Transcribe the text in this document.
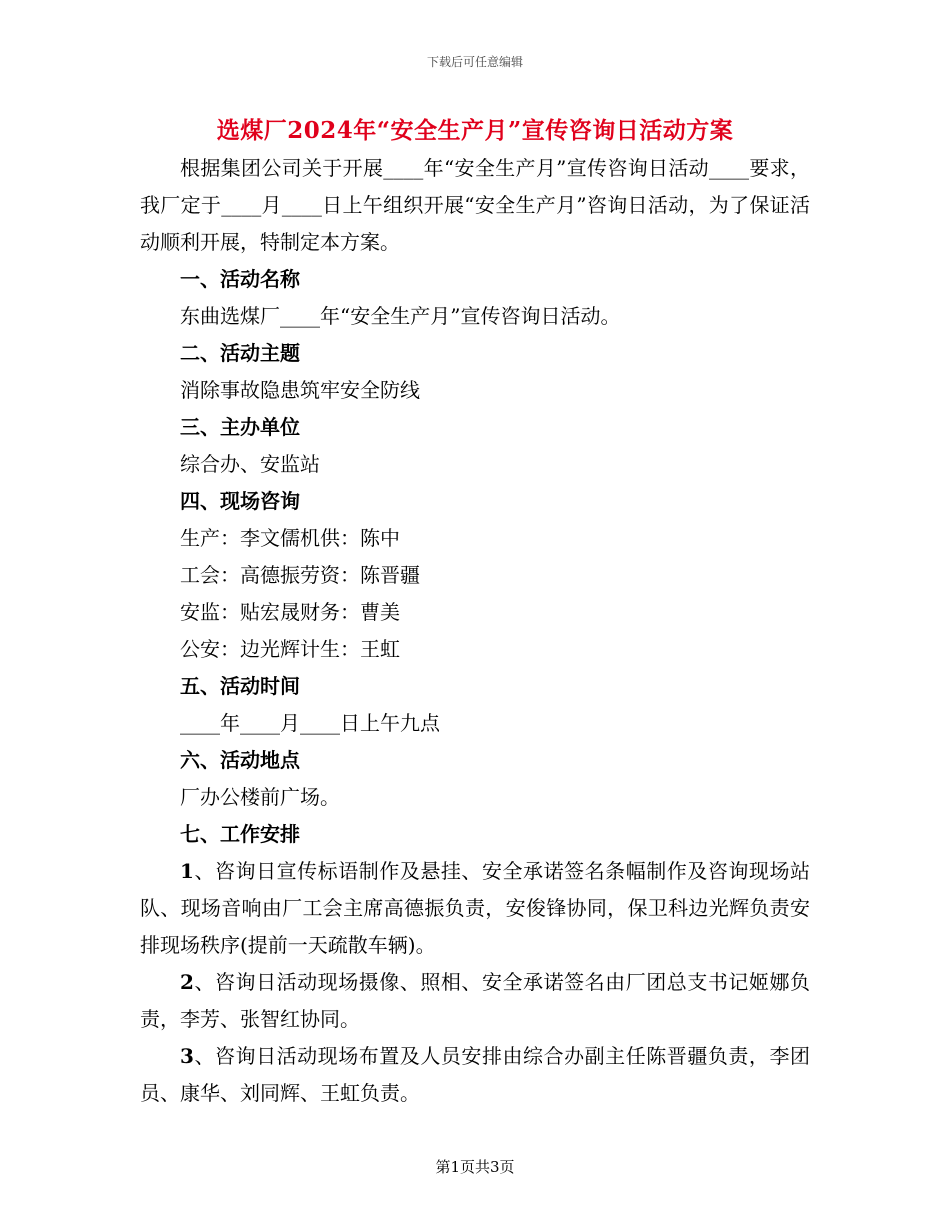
下载后可任意编辑
选煤厂2024年“安全生产月”宣传咨询日活动方案

根据集团公司关于开展____年“安全生产月”宣传咨询日活动____要求，我厂定于____月____日上午组织开展“安全生产月”咨询日活动，为了保证活动顺利开展，特制定本方案。

一、活动名称

东曲选煤厂____年“安全生产月”宣传咨询日活动。

二、活动主题

消除事故隐患筑牢安全防线

三、主办单位

综合办、安监站

四、现场咨询

生产：李文儒机供：陈中

工会：高德振劳资：陈晋疆

安监：贴宏晟财务：曹美

公安：边光辉计生：王虹

五、活动时间

____年____月____日上午九点

六、活动地点

厂办公楼前广场。

七、工作安排

1、咨询日宣传标语制作及悬挂、安全承诺签名条幅制作及咨询现场站队、现场音响由厂工会主席高德振负责，安俊锋协同，保卫科边光辉负责安排现场秩序(提前一天疏散车辆)。

2、咨询日活动现场摄像、照相、安全承诺签名由厂团总支书记姬娜负责，李芳、张智红协同。

3、咨询日活动现场布置及人员安排由综合办副主任陈晋疆负责，李团员、康华、刘同辉、王虹负责。

第1页共3页
